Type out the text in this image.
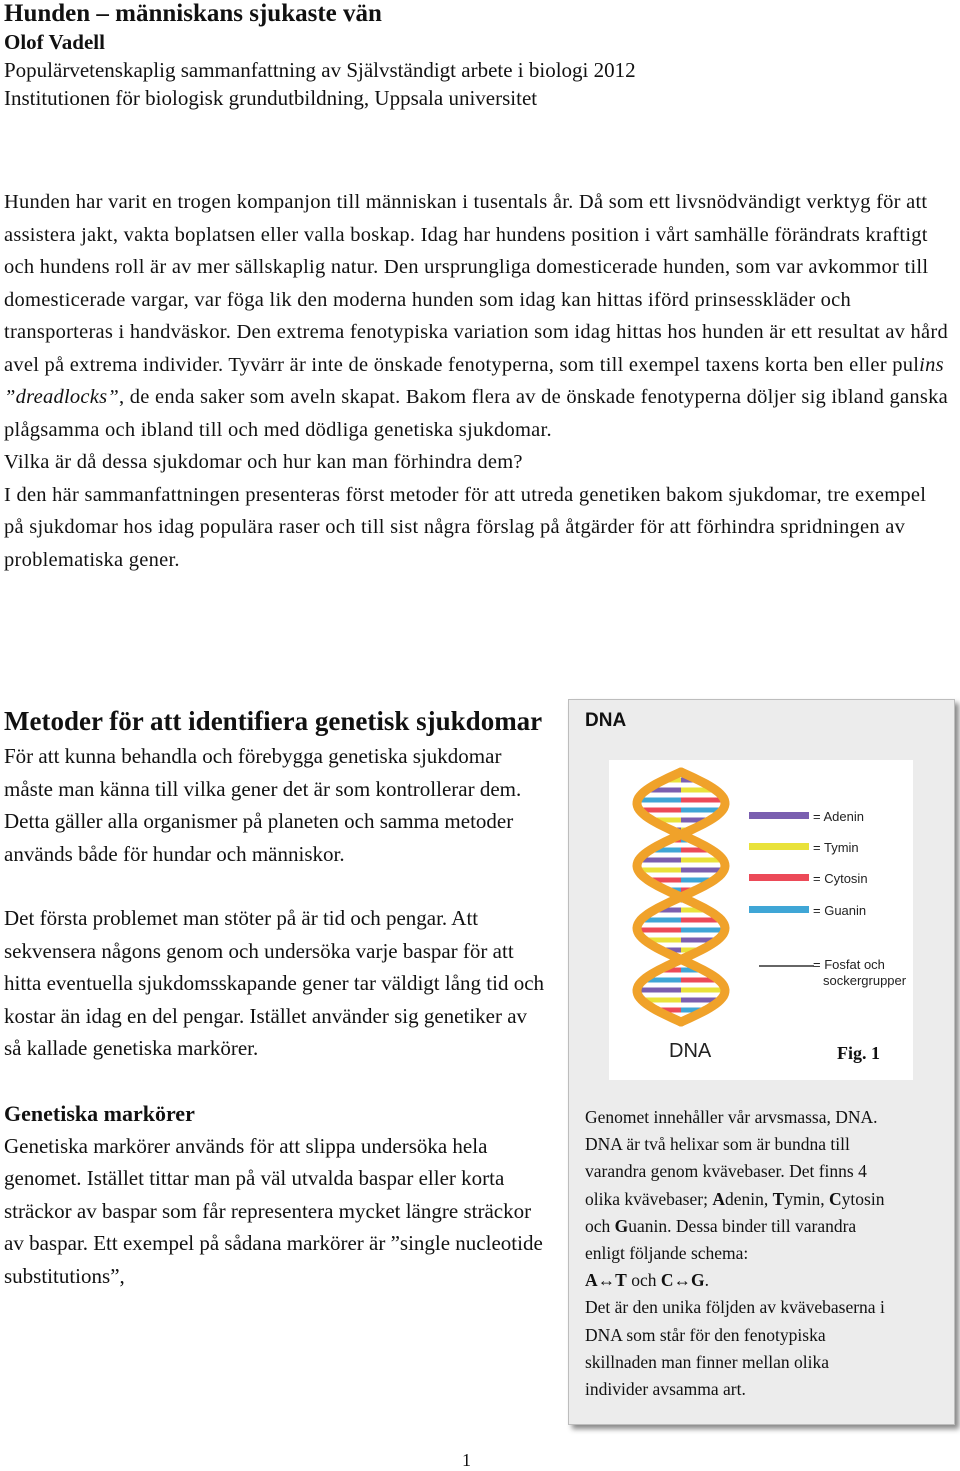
Hunden – människans sjukaste vän
Olof Vadell
Populärvetenskaplig sammanfattning av Självständigt arbete i biologi 2012
Institutionen för biologisk grundutbildning, Uppsala universitet

Hunden har varit en trogen kompanjon till människan i tusentals år. Då som ett livsnödvändigt verktyg för att assistera jakt, vakta boplatsen eller valla boskap. Idag har hundens position i vårt samhälle förändrats kraftigt och hundens roll är av mer sällskaplig natur. Den ursprungliga domesticerade hunden, som var avkommor till domesticerade vargar, var föga lik den moderna hunden som idag kan hittas iförd prinsesskläder och transporteras i handväskor. Den extrema fenotypiska variation som idag hittas hos hunden är ett resultat av hård avel på extrema individer. Tyvärr är inte de önskade fenotyperna, som till exempel taxens korta ben eller pulins ”dreadlocks”, de enda saker som aveln skapat. Bakom flera av de önskade fenotyperna döljer sig ibland ganska plågsamma och ibland till och med dödliga genetiska sjukdomar.

Vilka är då dessa sjukdomar och hur kan man förhindra dem?

I den här sammanfattningen presenteras först metoder för att utreda genetiken bakom sjukdomar, tre exempel på sjukdomar hos idag populära raser och till sist några förslag på åtgärder för att förhindra spridningen av problematiska gener.

Metoder för att identifiera genetisk sjukdomar

För att kunna behandla och förebygga genetiska sjukdomar måste man känna till vilka gener det är som kontrollerar dem. Detta gäller alla organismer på planeten och samma metoder används både för hundar och människor.

Det första problemet man stöter på är tid och pengar. Att sekvensera någons genom och undersöka varje baspar för att hitta eventuella sjukdomsskapande gener tar väldigt lång tid och kostar än idag en del pengar. Istället använder sig genetiker av så kallade genetiska markörer.

Genetiska markörer

Genetiska markörer används för att slippa undersöka hela genomet. Istället tittar man på väl utvalda baspar eller korta sträckor av baspar som får representera mycket längre sträckor av baspar. Ett exempel på sådana markörer är ”single nucleotide substitutions”,

DNA
= Adenin
= Tymin
= Cytosin
= Guanin
= Fosfat och
sockergrupper
DNA	Fig. 1
Genomet innehåller vår arvsmassa, DNA.
DNA är två helixar som är bundna till
varandra genom kvävebaser. Det finns 4
olika kvävebaser; Adenin, Tymin, Cytosin
och Guanin. Dessa binder till varandra
enligt följande schema:
A↔T och C↔G.
Det är den unika följden av kvävebaserna i
DNA som står för den fenotypiska
skillnaden man finner mellan olika
individer avsamma art.
1
